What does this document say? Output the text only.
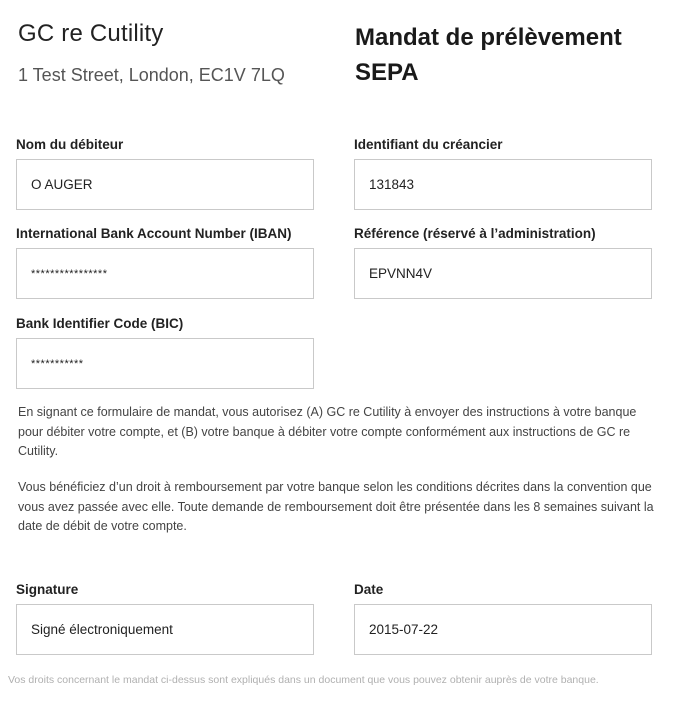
GC re Cutility
1 Test Street, London, EC1V 7LQ
Mandat de prélèvement SEPA
Nom du débiteur
O AUGER
Identifiant du créancier
131843
International Bank Account Number (IBAN)
****************
Référence (réservé à l’administration)
EPVNN4V
Bank Identifier Code (BIC)
***********
En signant ce formulaire de mandat, vous autorisez (A) GC re Cutility à envoyer des instructions à votre banque pour débiter votre compte, et (B) votre banque à débiter votre compte conformément aux instructions de GC re Cutility.
Vous bénéficiez d’un droit à remboursement par votre banque selon les conditions décrites dans la convention que vous avez passée avec elle. Toute demande de remboursement doit être présentée dans les 8 semaines suivant la date de débit de votre compte.
Signature
Signé électroniquement
Date
2015-07-22
Vos droits concernant le mandat ci-dessus sont expliqués dans un document que vous pouvez obtenir auprès de votre banque.
